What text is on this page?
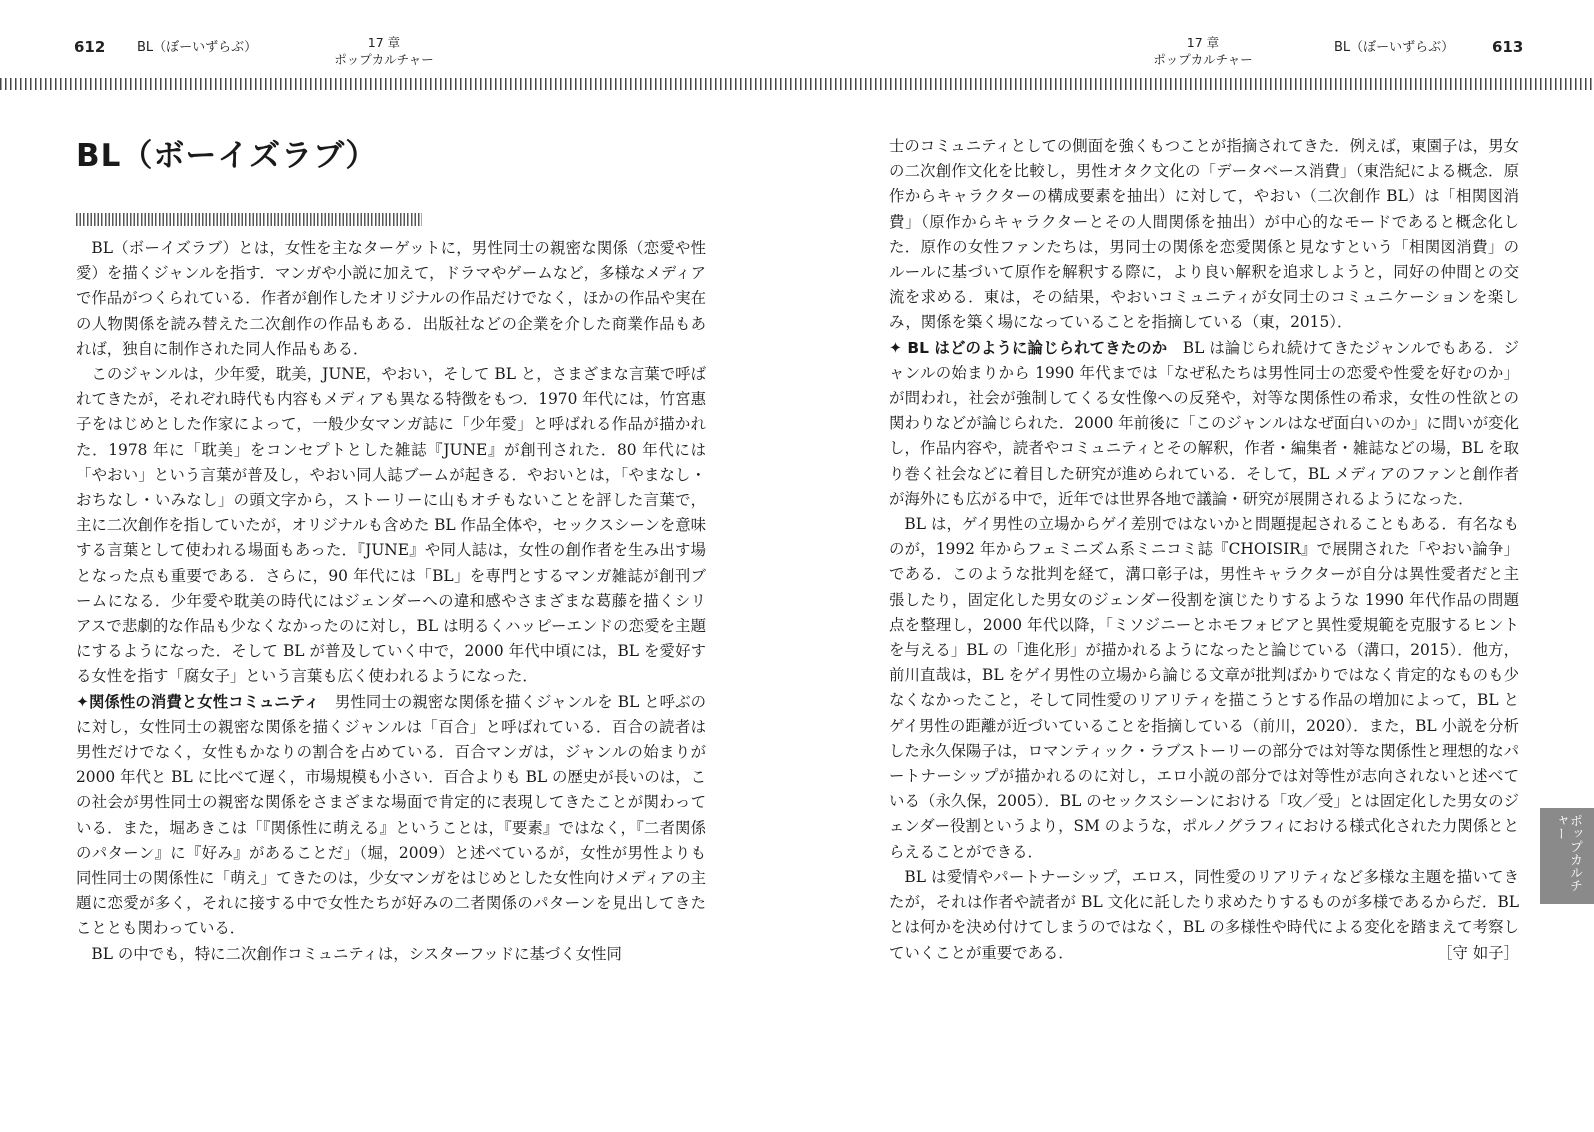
612 BL（ぼーいずらぶ）	17 章
ポップカルチャー
17 章
ポップカルチャー
BL（ぼーいずらぶ）	613
BL（ボーイズラブ）

BL（ボーイズラブ）とは，女性を主なターゲットに，男性同士の親密な関係（恋愛や性愛）を描くジャンルを指す．マンガや小説に加えて，ドラマやゲームなど，多様なメディアで作品がつくられている．作者が創作したオリジナルの作品だけでなく，ほかの作品や実在の人物関係を読み替えた二次創作の作品もある．出版社などの企業を介した商業作品もあれば，独自に制作された同人作品もある．

このジャンルは，少年愛，耽美，JUNE，やおい，そして BL と，さまざまな言葉で呼ばれてきたが，それぞれ時代も内容もメディアも異なる特徴をもつ．1970 年代には，竹宮惠子をはじめとした作家によって，一般少女マンガ誌に「少年愛」と呼ばれる作品が描かれた．1978 年に「耽美」をコンセプトとした雑誌『JUNE』が創刊された．80 年代には「やおい」という言葉が普及し，やおい同人誌ブームが起きる．やおいとは，「やまなし・おちなし・いみなし」の頭文字から，ストーリーに山もオチもないことを評した言葉で，主に二次創作を指していたが，オリジナルも含めた BL 作品全体や，セックスシーンを意味する言葉として使われる場面もあった．『JUNE』や同人誌は，女性の創作者を生み出す場となった点も重要である．さらに，90 年代には「BL」を専門とするマンガ雑誌が創刊ブームになる．少年愛や耽美の時代にはジェンダーへの違和感やさまざまな葛藤を描くシリアスで悲劇的な作品も少なくなかったのに対し，BL は明るくハッピーエンドの恋愛を主題にするようになった．そして BL が普及していく中で，2000 年代中頃には，BL を愛好する女性を指す「腐女子」という言葉も広く使われるようになった．

✦関係性の消費と女性コミュニティ　 男性同士の親密な関係を描くジャンルを BL と呼ぶのに対し，女性同士の親密な関係を描くジャンルは「百合」と呼ばれている．百合の読者は男性だけでなく，女性もかなりの割合を占めている．百合マンガは，ジャンルの始まりが 2000 年代と BL に比べて遅く，市場規模も小さい．百合よりも BL の歴史が長いのは，この社会が男性同士の親密な関係をさまざまな場面で肯定的に表現してきたことが関わっている．また，堀あきこは「『関係性に萌える』ということは，『要素』ではなく，『二者関係のパターン』に『好み』があることだ」（堀，2009）と述べているが，女性が男性よりも同性同士の関係性に「萌え」てきたのは，少女マンガをはじめとした女性向けメディアの主題に恋愛が多く，それに接する中で女性たちが好みの二者関係のパターンを見出してきたこととも関わっている．

BL の中でも，特に二次創作コミュニティは，シスターフッドに基づく女性同

士のコミュニティとしての側面を強くもつことが指摘されてきた．例えば，東園子は，男女の二次創作文化を比較し，男性オタク文化の「データベース消費」（東浩紀による概念．原作からキャラクターの構成要素を抽出）に対して，やおい（二次創作 BL）は「相関図消費」（原作からキャラクターとその人間関係を抽出）が中心的なモードであると概念化した．原作の女性ファンたちは，男同士の関係を恋愛関係と見なすという「相関図消費」のルールに基づいて原作を解釈する際に，より良い解釈を追求しようと，同好の仲間との交流を求める．東は，その結果，やおいコミュニティが女同士のコミュニケーションを楽しみ，関係を築く場になっていることを指摘している（東，2015）．

✦ BL はどのように論じられてきたのか　 BL は論じられ続けてきたジャンルでもある．ジャンルの始まりから 1990 年代までは「なぜ私たちは男性同士の恋愛や性愛を好むのか」が問われ，社会が強制してくる女性像への反発や，対等な関係性の希求，女性の性欲との関わりなどが論じられた．2000 年前後に「このジャンルはなぜ面白いのか」に問いが変化し，作品内容や，読者やコミュニティとその解釈，作者・編集者・雑誌などの場，BL を取り巻く社会などに着目した研究が進められている．そして，BL メディアのファンと創作者が海外にも広がる中で，近年では世界各地で議論・研究が展開されるようになった．

BL は，ゲイ男性の立場からゲイ差別ではないかと問題提起されることもある．有名なものが，1992 年からフェミニズム系ミニコミ誌『CHOISIR』で展開された「やおい論争」である．このような批判を経て，溝口彰子は，男性キャラクターが自分は異性愛者だと主張したり，固定化した男女のジェンダー役割を演じたりするような 1990 年代作品の問題点を整理し，2000 年代以降，「ミソジニーとホモフォビアと異性愛規範を克服するヒントを与える」BL の「進化形」が描かれるようになったと論じている（溝口，2015）．他方，前川直哉は，BL をゲイ男性の立場から論じる文章が批判ばかりではなく肯定的なものも少なくなかったこと，そして同性愛のリアリティを描こうとする作品の増加によって，BL とゲイ男性の距離が近づいていることを指摘している（前川，2020）．また，BL 小説を分析した永久保陽子は，ロマンティック・ラブストーリーの部分では対等な関係性と理想的なパートナーシップが描かれるのに対し，エロ小説の部分では対等性が志向されないと述べている（永久保，2005）．BL のセックスシーンにおける「攻／受」とは固定化した男女のジェンダー役割というより，SM のような，ポルノグラフィにおける様式化された力関係ととらえることができる．

BL は愛情やパートナーシップ，エロス，同性愛のリアリティなど多様な主題を描いてきたが，それは作者や読者が BL 文化に託したり求めたりするものが多様であるからだ．BL とは何かを決め付けてしまうのではなく，BL の多様性や時代による変化を踏まえて考察していくことが重要である．	［守 如子］

ポップカルチャー
